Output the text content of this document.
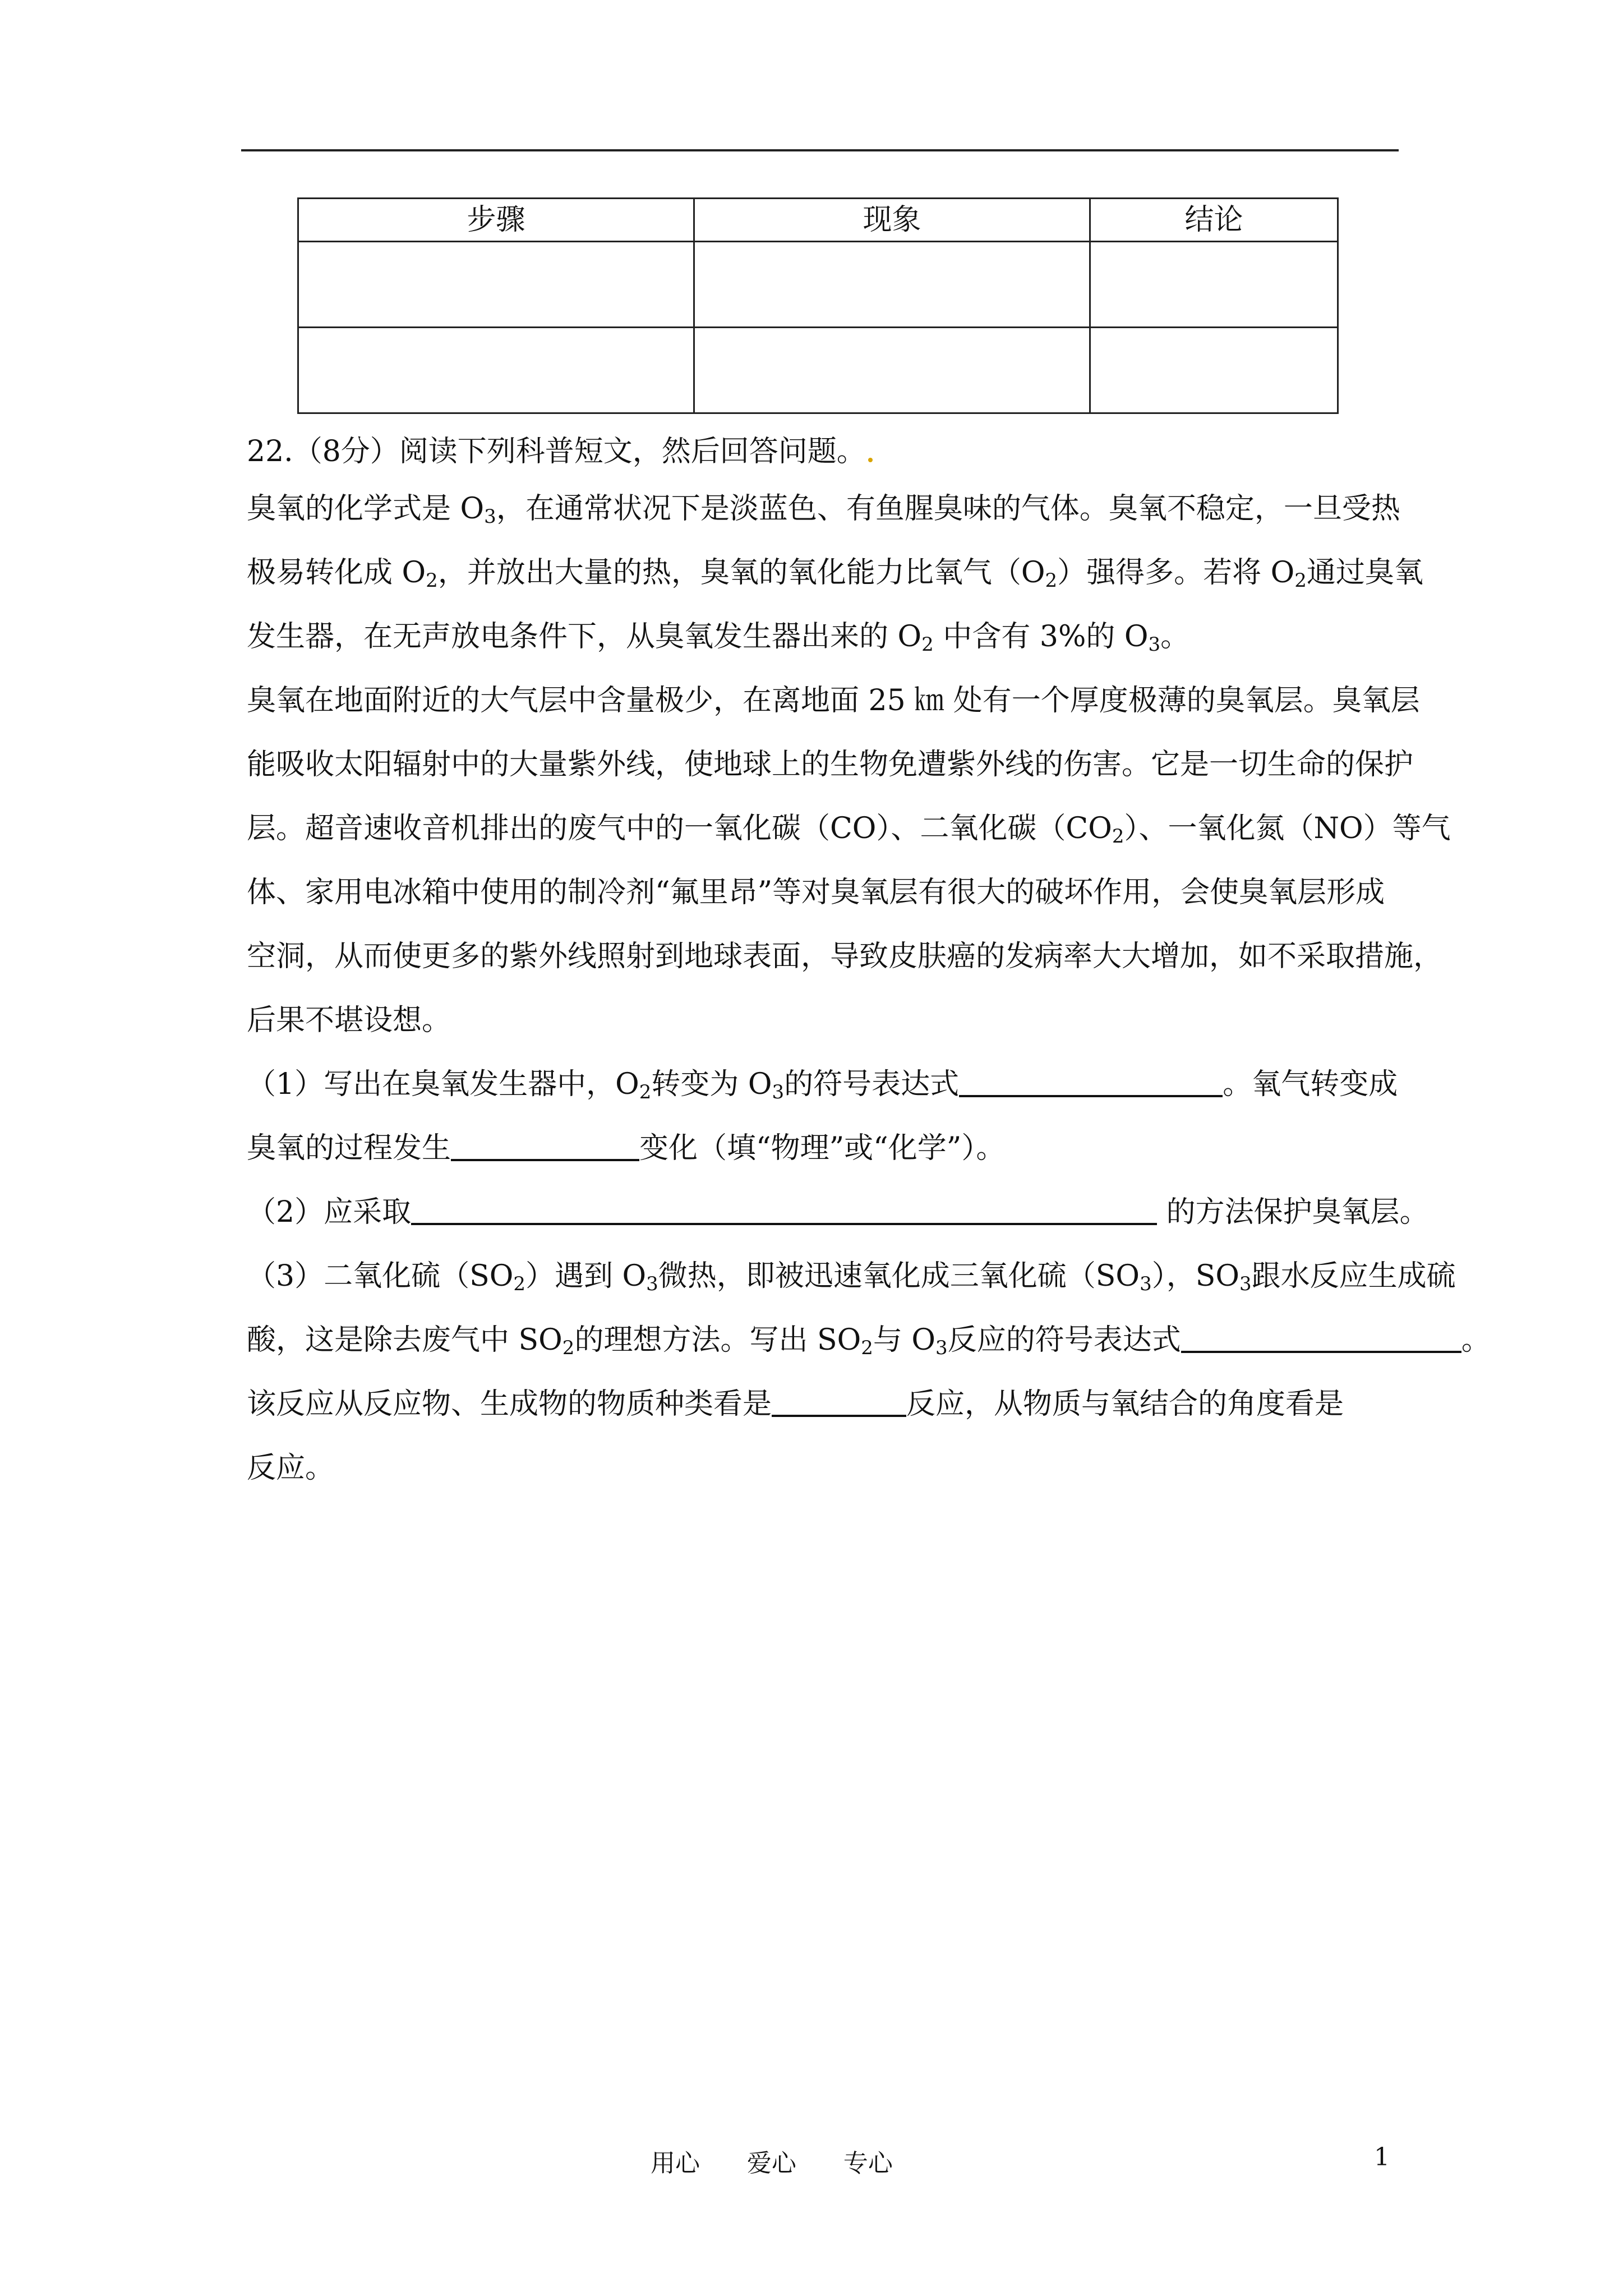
步骤	现象	结论

22.（8分）阅读下列科普短文，然后回答问题。
臭氧的化学式是 $O_3$，在通常状况下是淡蓝色、有鱼腥臭味的气体。臭氧不稳定，一旦受热
极易转化成 $O_2$，并放出大量的热，臭氧的氧化能力比氧气$(O_2)$强得多。若将 $O_2$通过臭氧
发生器，在无声放电条件下，从臭氧发生器出来的 $O_2$ 中含有 3%的 $O_3$。
臭氧在地面附近的大气层中含量极少，在离地面 25 ㎞ 处有一个厚度极薄的臭氧层。臭氧层
能吸收太阳辐射中的大量紫外线，使地球上的生物免遭紫外线的伤害。它是一切生命的保护
层。超音速收音机排出的废气中的一氧化碳（CO）、二氧化碳$(CO_2)$、一氧化氮（NO）等气
体、家用电冰箱中使用的制冷剂“氟里昂”等对臭氧层有很大的破坏作用，会使臭氧层形成
空洞，从而使更多的紫外线照射到地球表面，导致皮肤癌的发病率大大增加，如不采取措施，
后果不堪设想。
（1）写出在臭氧发生器中，$O_2$转变为 $O_3$的符号表达式	。氧气转变成
臭氧的过程发生	变化（填“物理”或“化学”）。
（2）应采取	的方法保护臭氧层。
（3）二氧化硫$(SO_2)$遇到 $O_3$微热，即被迅速氧化成三氧化硫$(SO_3)$，$SO_3$跟水反应生成硫
酸，这是除去废气中 $SO_2$的理想方法。写出 $SO_2$与 $O_3$反应的符号表达式	。
该反应从反应物、生成物的物质种类看是	反应，从物质与氧结合的角度看是
反应。
用心      爱心      专心	1
